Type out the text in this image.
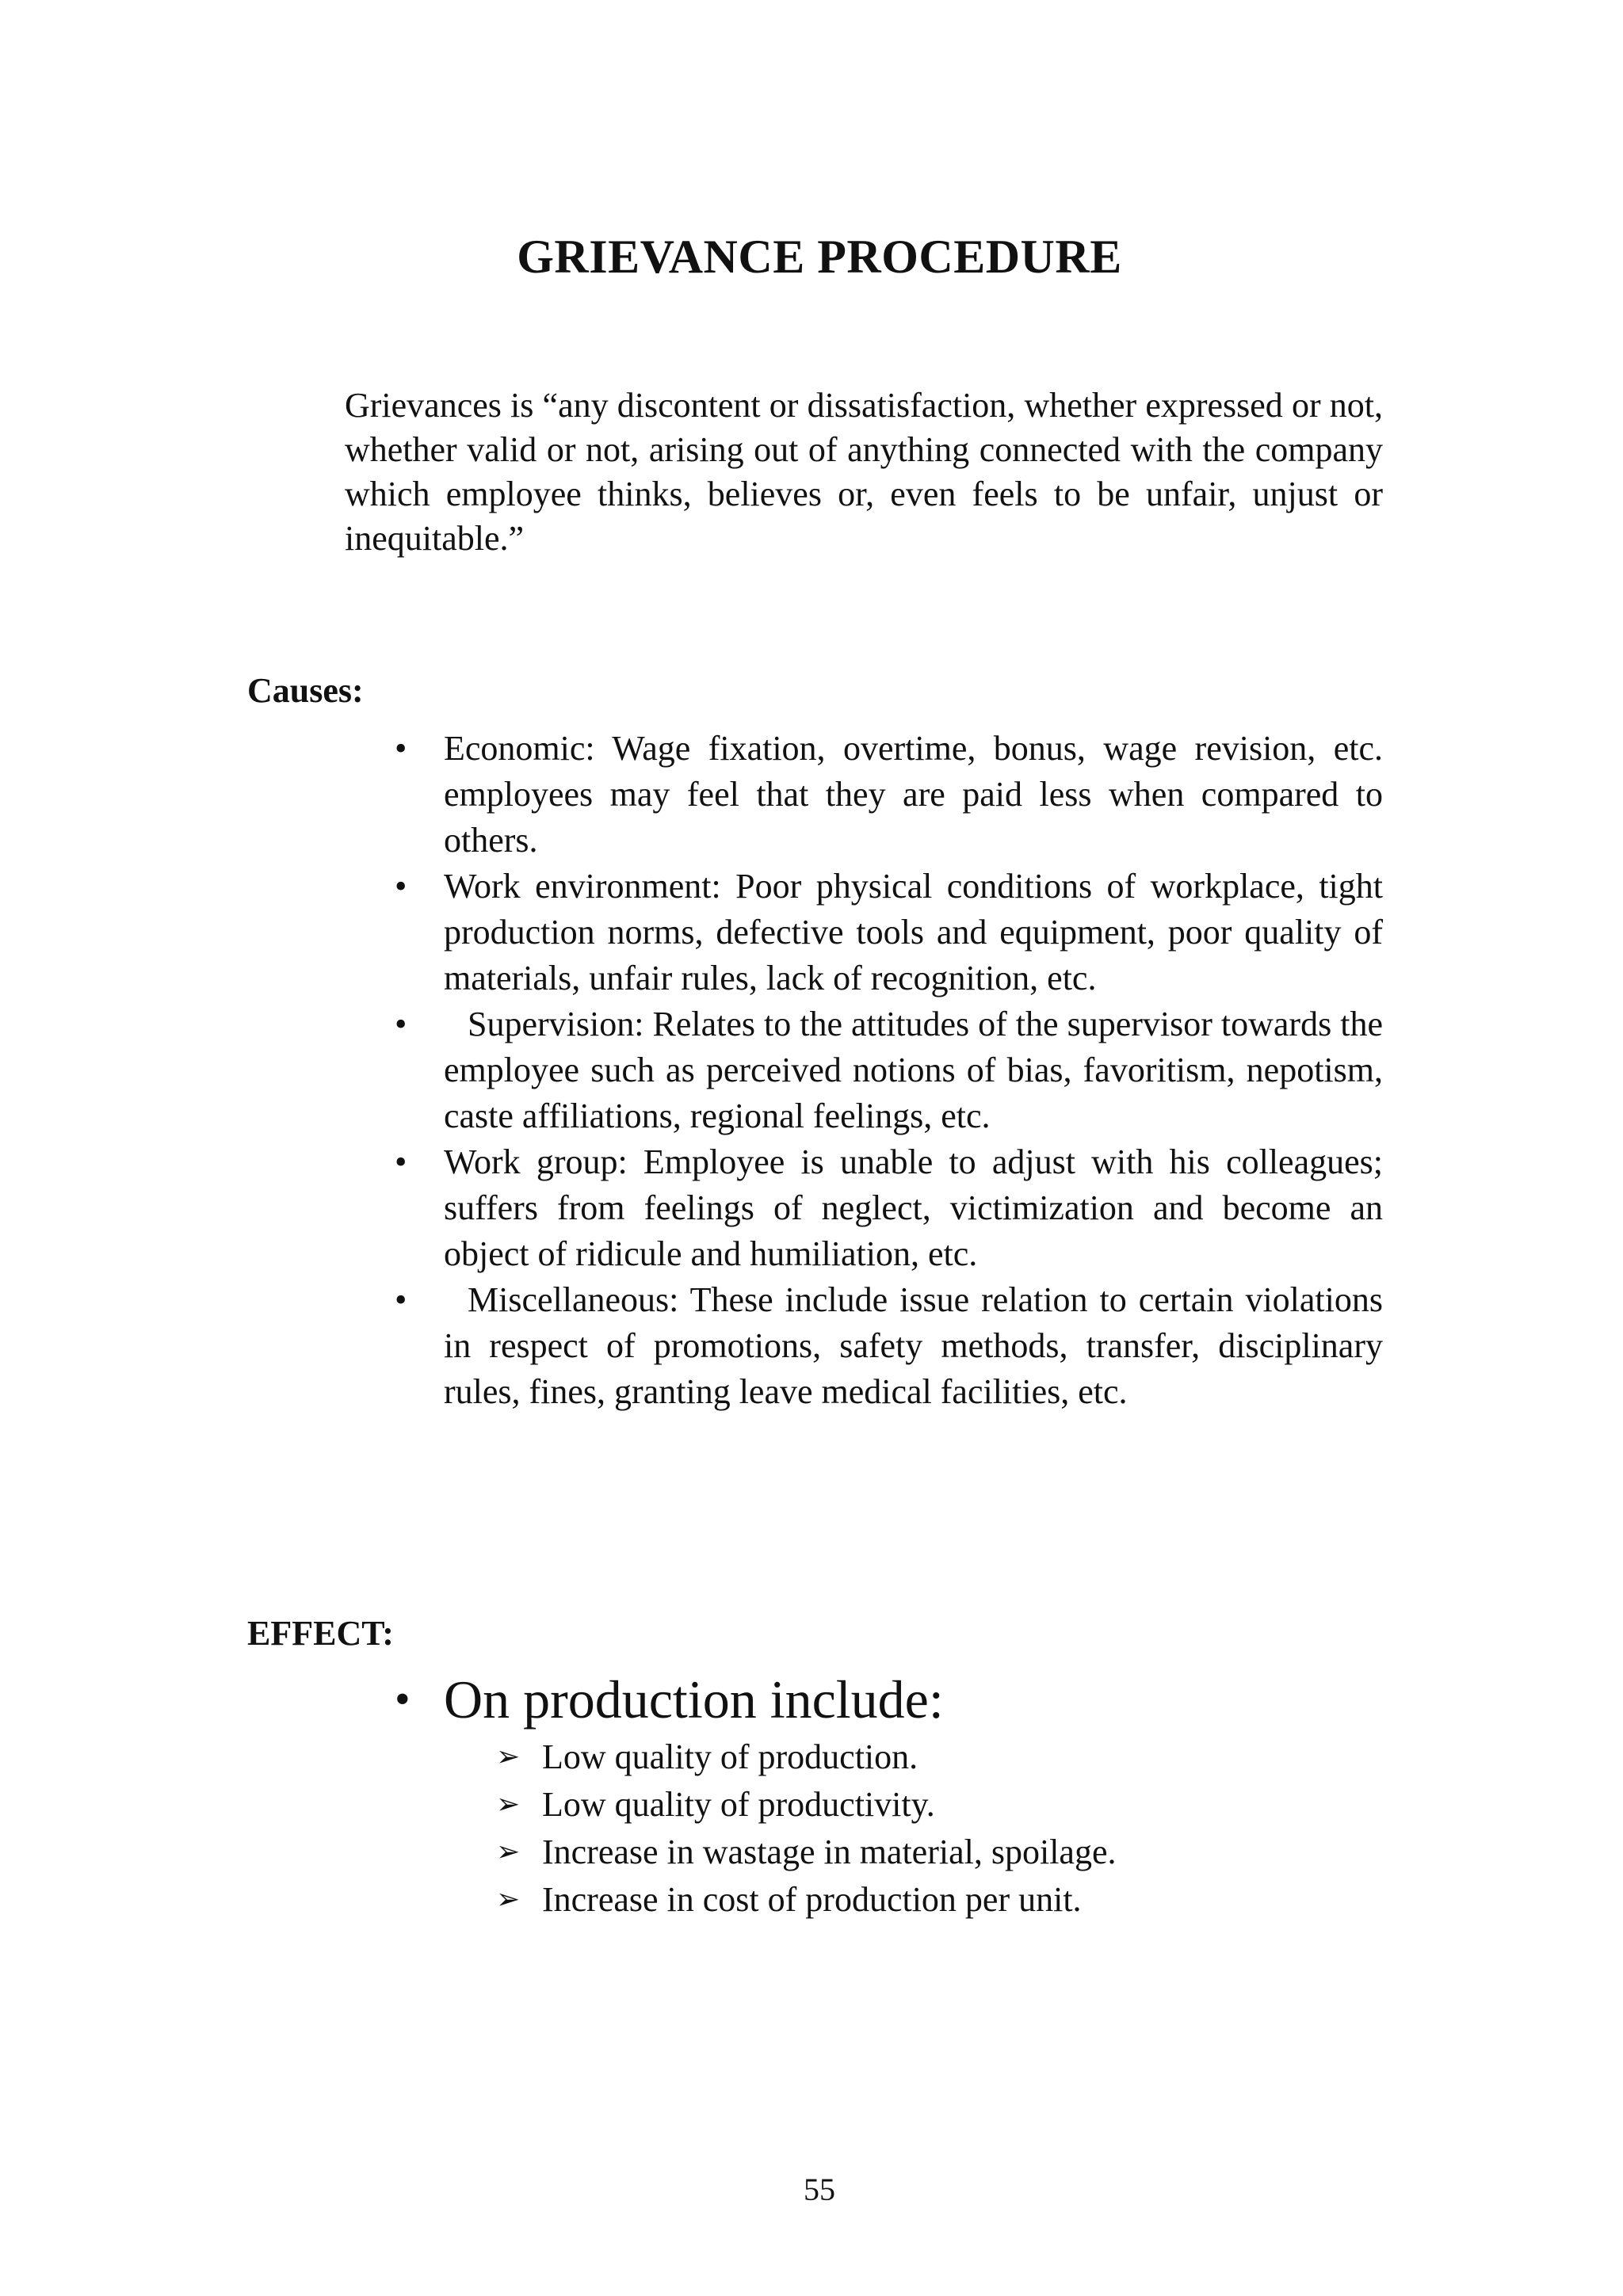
GRIEVANCE PROCEDURE

Grievances is “any discontent or dissatisfaction, whether expressed or not, whether valid or not, arising out of anything connected with the company which employee thinks, believes or, even feels to be unfair, unjust or inequitable.”

Causes:
• Economic: Wage fixation, overtime, bonus, wage revision, etc. employees may feel that they are paid less when compared to others.
• Work environment: Poor physical conditions of workplace, tight production norms, defective tools and equipment, poor quality of materials, unfair rules, lack of recognition, etc.
• Supervision: Relates to the attitudes of the supervisor towards the employee such as perceived notions of bias, favoritism, nepotism, caste affiliations, regional feelings, etc.
• Work group: Employee is unable to adjust with his colleagues; suffers from feelings of neglect, victimization and become an object of ridicule and humiliation, etc.
• Miscellaneous: These include issue relation to certain violations in respect of promotions, safety methods, transfer, disciplinary rules, fines, granting leave medical facilities, etc.
EFFECT:
• On production include:
➢ Low quality of production.
➢ Low quality of productivity.
➢ Increase in wastage in material, spoilage.
➢ Increase in cost of production per unit.
55
